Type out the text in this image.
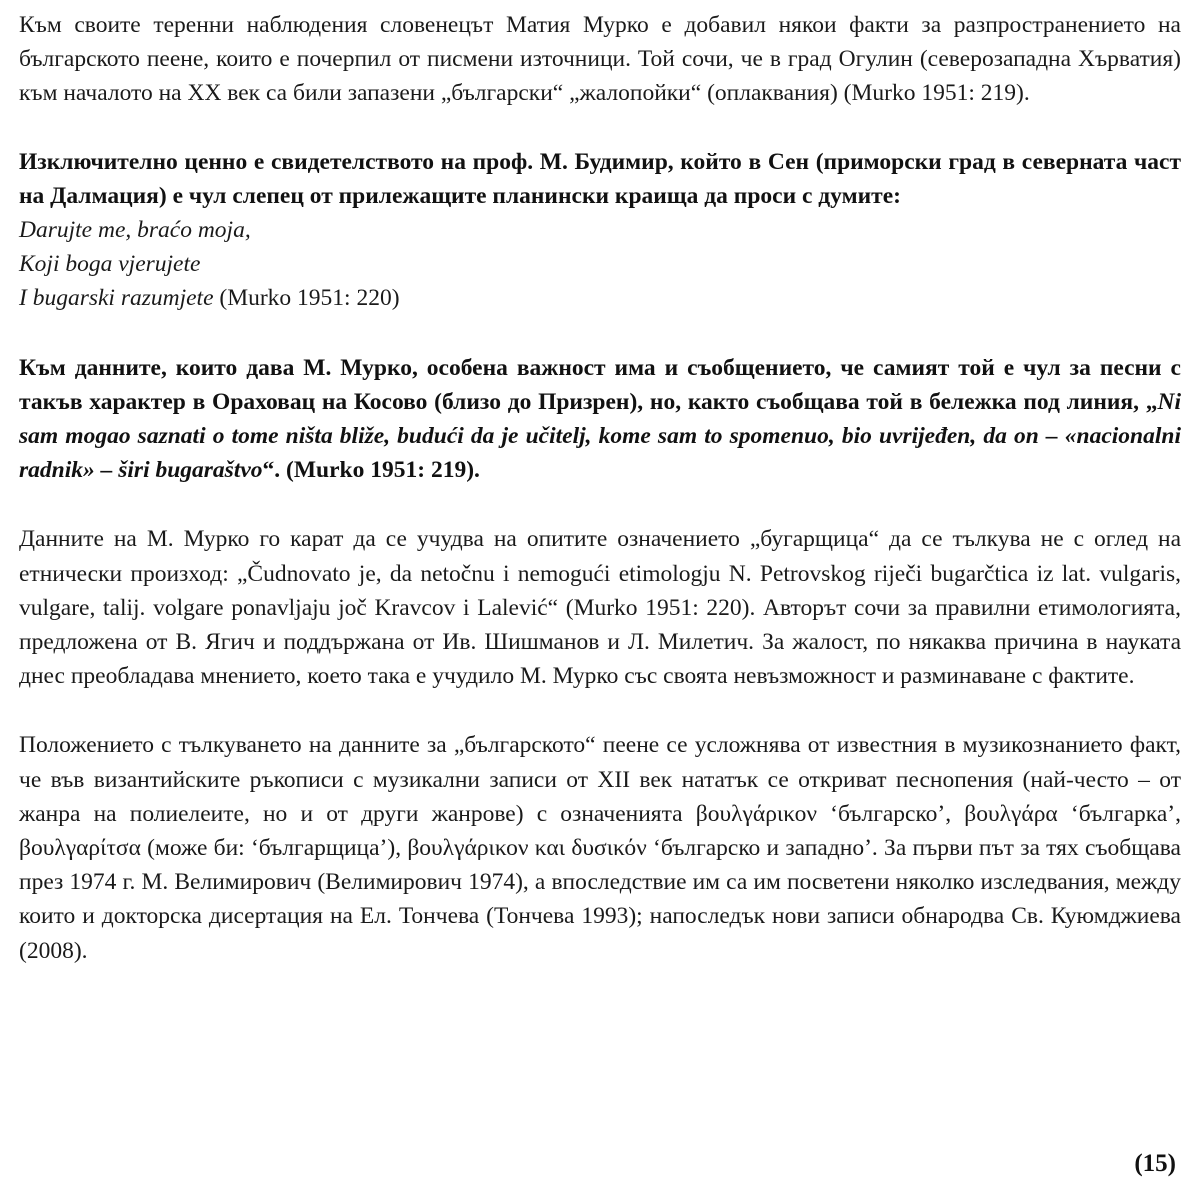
Към своите теренни наблюдения словенецът Матия Мурко е добавил някои факти за разпространението на българското пеене, които е почерпил от писмени източници. Той сочи, че в град Огулин (северозападна Хърватия) към началото на XX век са били запазени „български“ „жалопойки“ (оплаквания) (Murko 1951: 219).

Изключително ценно е свидетелството на проф. М. Будимир, който в Сен (приморски град в северната част на Далмация) е чул слепец от прилежащите планински краища да проси с думите:

Darujte me, braćo moja,
Koji boga vjerujete
I bugarski razumjete (Murko 1951: 220)

Към данните, които дава М. Мурко, особена важност има и съобщението, че самият той е чул за песни с такъв характер в Ораховац на Косово (близо до Призрен), но, както съобщава той в бележка под линия, „Ni sam mogao saznati o tome ništa bliže, budući da je učitelj, kome sam to spomenuo, bio uvrijeđen, da on – «nacionalni radnik» – širi bugaraštvo“. (Murko 1951: 219).

Данните на М. Мурко го карат да се учудва на опитите означението „бугарщица“ да се тълкува не с оглед на етнически произход: „Čudnovato je, da netočnu i nemogući etimologju N. Petrovskog riječi bugarčtica iz lat. vulgaris, vulgare, talij. volgare ponavljaju joč Kravcov i Lalević“ (Murko 1951: 220). Авторът сочи за правилни етимологията, предложена от В. Ягич и поддържана от Ив. Шишманов и Л. Милетич. За жалост, по някаква причина в науката днес преобладава мнението, което така е учудило М. Мурко със своята невъзможност и разминаване с фактите.

Положението с тълкуването на данните за „българското“ пеене се усложнява от известния в музикознанието факт, че във византийските ръкописи с музикални записи от XII век нататък се откриват песнопения (най-често – от жанра на полиелеите, но и от други жанрове) с означенията βουλγάρικον ‘българско’, βουλγάρα ‘българка’, βουλγαρίτσα (може би: ‘българщица’), βουλγάρικον και δυσικόν ‘българско и западно’. За първи път за тях съобщава през 1974 г. М. Велимирович (Велимирович 1974), а впоследствие им са им посветени няколко изследвания, между които и докторска дисертация на Ел. Тончева (Тончева 1993); напоследък нови записи обнародва Св. Куюмджиева (2008).

(15)
